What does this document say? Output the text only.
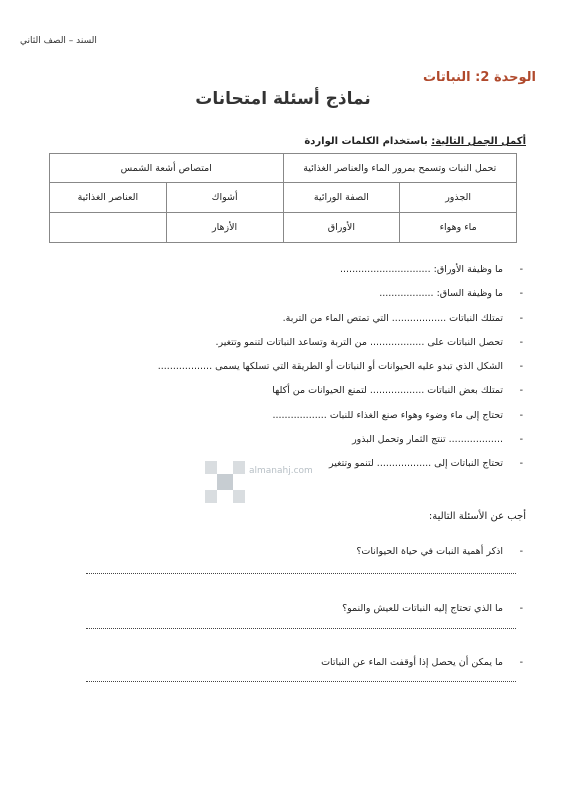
السند – الصف الثاني
الوحدة 2: النباتات
نماذج أسئلة امتحانات
أكمل الجمل التالية: باستخدام الكلمات الواردة
تحمل النبات وتسمح بمرور الماء والعناصر الغذائية		امتصاص أشعة الشمس	
الجذور	الصفة الورائية	أشواك	العناصر الغذائية
ماء وهواء	الأوراق	الأزهار	
- ما وظيفة الأوراق: ..............................
- ما وظيفة الساق: ..................
- تمتلك النباتات .................. التي تمتص الماء من التربة.
- تحصل النباتات على .................. من التربة وتساعد النباتات لتنمو وتتغير.
- الشكل الذي تبدو عليه الحيوانات أو النباتات أو الطريقة التي تسلكها يسمى ..................
- تمتلك بعض النباتات .................. لتمنع الحيوانات من أكلها
- تحتاج إلى ماء وضوء وهواء صنع الغذاء للنبات ..................
- .................. تنتج الثمار وتحمل البذور
- تحتاج النباتات إلى .................. لتنمو وتتغير
almanahj.com
أجب عن الأسئلة التالية:
- اذكر أهمية النبات في حياة الحيوانات؟
- ما الذي تحتاج إليه النباتات للعيش والنمو؟
- ما يمكن أن يحصل إذا أوقفت الماء عن النباتات
